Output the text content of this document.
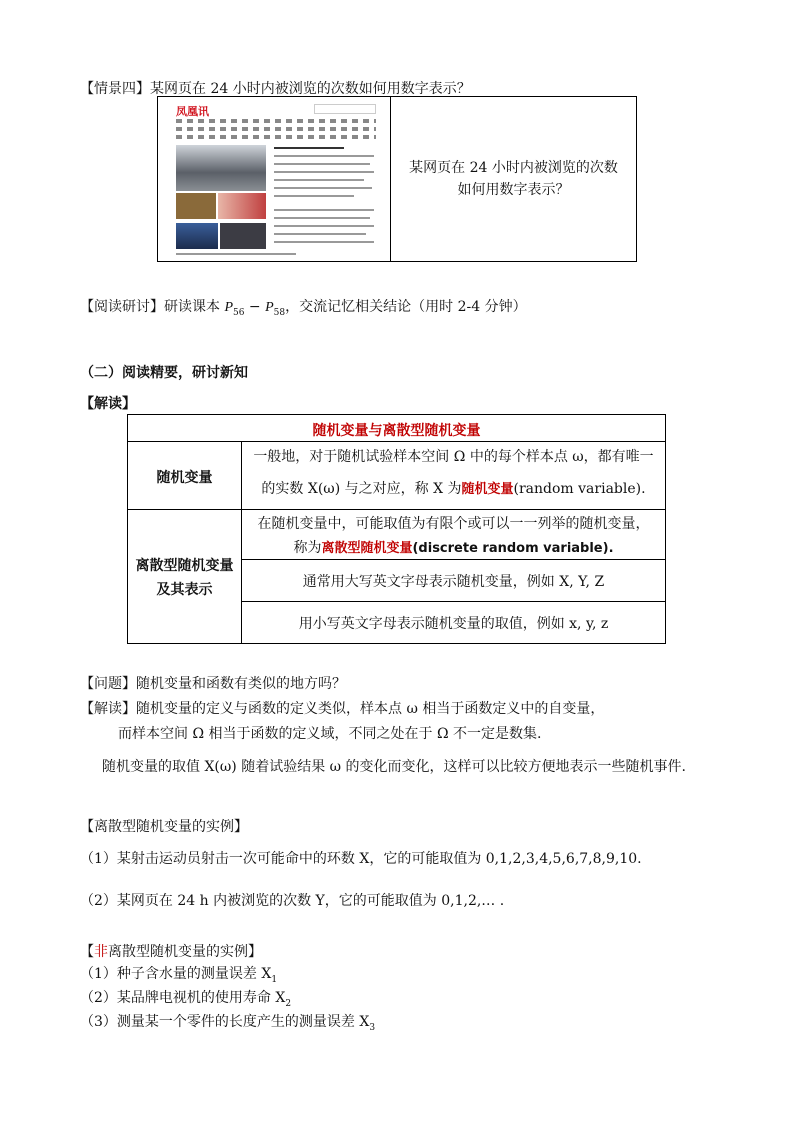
【情景四】某网页在 24 小时内被浏览的次数如何用数字表示？
凤凰讯
某网页在 24 小时内被浏览的次数
如何用数字表示？
【阅读研讨】研读课本 $P_{56} - P_{58}$，交流记忆相关结论（用时 2-4 分钟）
（二）阅读精要，研讨新知
【解读】
随机变量与离散型随机变量
随机变量
一般地，对于随机试验样本空间 Ω 中的每个样本点 ω，都有唯一
的实数 X(ω) 与之对应，称 X 为随机变量(random variable).
离散型随机变量
及其表示
在随机变量中，可能取值为有限个或可以一一列举的随机变量，
称为离散型随机变量(discrete random variable).
通常用大写英文字母表示随机变量，例如 X, Y, Z
用小写英文字母表示随机变量的取值，例如 x, y, z
【问题】随机变量和函数有类似的地方吗？
【解读】随机变量的定义与函数的定义类似，样本点 ω 相当于函数定义中的自变量，
而样本空间 Ω 相当于函数的定义域，不同之处在于 Ω 不一定是数集.
随机变量的取值 X(ω) 随着试验结果 ω 的变化而变化，这样可以比较方便地表示一些随机事件.
【离散型随机变量的实例】
（1）某射击运动员射击一次可能命中的环数 X，它的可能取值为 0,1,2,3,4,5,6,7,8,9,10.
（2）某网页在 24 h 内被浏览的次数 Y，它的可能取值为 0,1,2,… .
【非离散型随机变量的实例】
（1）种子含水量的测量误差 $X_1$
（2）某品牌电视机的使用寿命 $X_2$
（3）测量某一个零件的长度产生的测量误差 $X_3$
